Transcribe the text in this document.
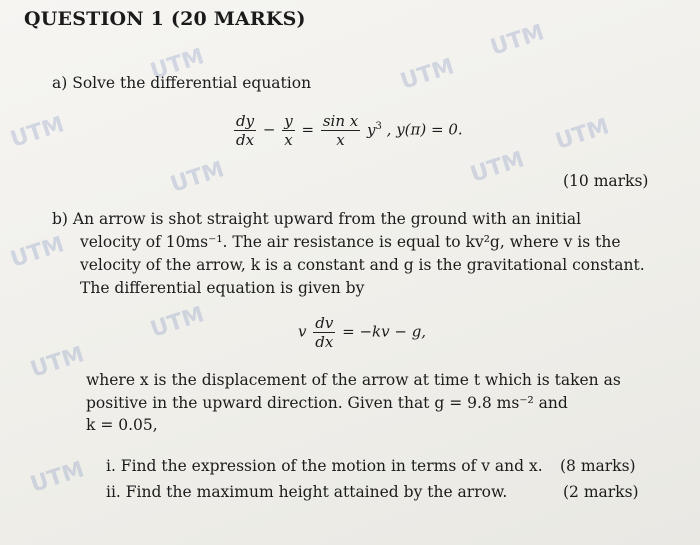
UTM	UTM
UTM
UTM	UTM
UTM	UTM
UTM
UTM
UTM
UTM
QUESTION 1 (20 MARKS)
a) Solve the differential equation
$\frac{dy}{dx} - \frac{y}{x} = \frac{\text{sin x}}{x} y^3$ , y(π) = 0.
(10 marks)
b) An arrow is shot straight upward from the ground with an initial
velocity of 10ms⁻¹. The air resistance is equal to kv²g, where v is the
velocity of the arrow, k is a constant and g is the gravitational constant.
The differential equation is given by
v $\frac{dv}{dx} = -kv - g$,
where x is the displacement of the arrow at time t which is taken as
positive in the upward direction. Given that g = 9.8 ms⁻² and
k = 0.05,
i. Find the expression of the motion in terms of v and x. (8 marks)
ii. Find the maximum height attained by the arrow.	(2 marks)
